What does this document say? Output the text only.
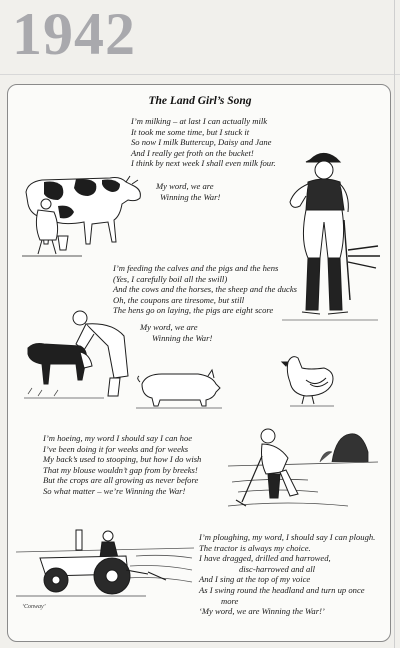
1942
The Land Girl’s Song
I’m milking – at last I can actually milk
It took me some time, but I stuck it
So now I milk Buttercup, Daisy and Jane
And I really get froth on the bucket!
I think by next week I shall even milk four.
My word, we are
Winning the War!
I’m feeding the calves and the pigs and the hens
(Yes, I carefully boil all the swill)
And the cows and the horses, the sheep and the ducks
Oh, the coupons are tiresome, but still
The hens go on laying, the pigs are eight score
My word, we are
Winning the War!
I’m hoeing, my word I should say I can hoe
I’ve been doing it for weeks and for weeks
My back’s used to stooping, but how I do wish
That my blouse wouldn’t gap from by breeks!
But the crops are all growing as never before
So what matter – we’re Winning the War!
I’m ploughing, my word, I should say I can plough.
The tractor is always my choice.
I have dragged, drilled and harrowed,
disc-harrowed and all
And I sing at the top of my voice
As I swing round the headland and turn up once
more
‘My word, we are Winning the War!’
‘Conway’
